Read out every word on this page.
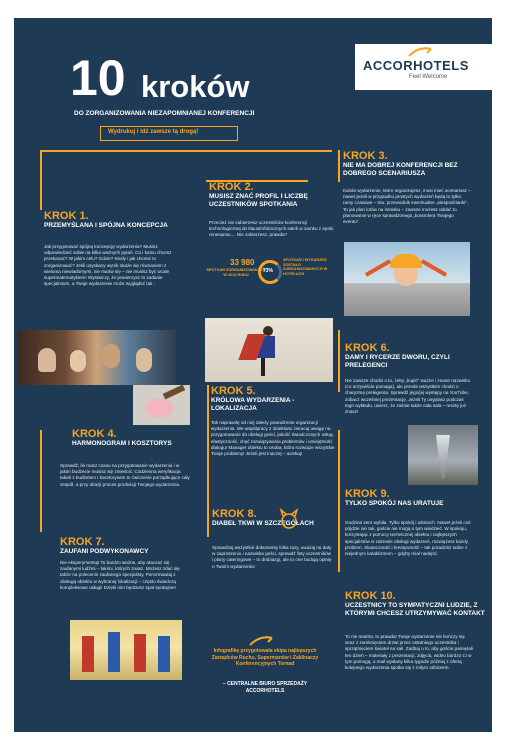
ACCORHOTELS
Feel Welcome
10 kroków
DO ZORGANIZOWANIA NIEZAPOMNIANEJ KONFERENCJI
Wydrukuj i idź zawsze tą drogą!
KROK 1.
PRZEMYŚLANA I SPÓJNA KONCEPCJA
Jak przygotować spójną koncepcję wydarzenia? Musisz odpowiedzieć sobie na kilka ważnych pytań. Co i komu chcesz przekazać? W jakim celu? Gdzie? Kiedy i jak chcesz to zorganizować? Jeśli uzyskany wynik okaże się równaniem z wieloma niewiadomymi, nie martw się – nie musisz być wcale supermatematykiem! Wystarczy, że powierzysz to zadanie specjalistom, a Twoje wydarzenie może wyglądać tak :
KROK 2.
MUSISZ ZNAĆ PROFIL I LICZBĘ UCZESTNIKÓW SPOTKANIA
Przecież nie zabierzesz uczestników konferencji technologicznej do klaustrofobicznych salek w zamku z epoki renesansu.... Nie zabierzesz, prawda?
33 980
SPOTKAŃ ZORGANIZOWANYCH W 2015 ROKU
73%
SPOTKAŃ I WYDARZEŃ ZOSTAŁO ZORGANIZOWANYCH W HOTELACH
KROK 3.
NIE MA DOBREJ KONFERENCJI BEZ DOBREGO SCENARIUSZA
Każde wydarzenie, które organizujesz, musi mieć scenariusz – nawet jeżeli w przypadku prostych wydarzeń będą to tylko ramy czasowe – tzw. przewodnik ewentualne „niespodzianki”. To jak plan lotów na lotnisku – zawsze możesz oddać to planowanie w ręce sprawdzonego „kontrolera Twojego eventu”.
KROK 5.
KRÓLOWA WYDARZENIA - LOKALIZACJA
Tak naprawdę od niej zależy powodzenie organizacji wydarzenia. We współpracy z obiektami zwracaj uwagę na przygotowanie do obsługi gości, jakość świadczonych usług, elastyczność, chęć rozwiązywania problemów i umiejętność dialogu! Manager obiektu to osoba, która rozwiąże wszystkie Twoje problemy! Jeżeli jest inaczej – uciekaj!
KROK 4.
HARMONOGRAM I KOSZTORYS
Sprawdź, ile masz czasu na przygotowanie wydarzenia i w jakim budżecie musisz się zmieścić. Codzienna weryfikacja tabeli z budżetem i kosztorysem to ćwiczenie porządkujące cały zespół, a przy okazji proces produkcji Twojego wydarzenia.
KROK 6.
DAMY I RYCERZE DWORU, CZYLI PRELEGENCI
Nie zawsze chodzi o to, żeby „kupić” ważne i znane nazwisko (co oczywiście pomaga), ale przede wszystkim chodzi o charyzmę prelegenta. Sprawdź jego/jej występy na YouTube, zobacz wcześniej prezentację. Jeżeli Ty usypiasz podczas tego wykładu, uwierz, że zaśnie także cała sala – resztę już znasz!
KROK 7.
ZAUFANI PODWYKONAWCY
Nie eksperymentuj! To bardzo ważne, aby otaczać się zaufanymi ludźmi – takimi, których znasz. Możesz zdać się także na polecenie zaufanego specjalisty. Porozmawiaj z obsługą obiektu w wybranej lokalizacji – często świadczą kompleksowe usługi! Dzięki nim będziesz spał spokojnie!
KROK 8.
DIABEŁ TKWI W SZCZEGÓŁACH
Sprawdzaj wszystkie dokumenty kilka razy, uważaj na daty w zaproszeniu i nazwiska gości, sprawdź listy uczestników i plany cateringowe – to drobiazgi, ale to one budują opinię o Twoim wydarzeniu!
KROK 9.
TYLKO SPOKÓJ NAS URATUJE
Godzina zero wybiła. Tylko spokój i uśmiech. Nawet jeżeli coś pójdzie nie tak, goście nie mogą o tym wiedzieć. W spokoju, korzystając z pomocy technicznej obiektu i najlepszych specjalistów w zakresie obsługi wydarzeń, rozwiążesz każdy problem. Skuteczność i kreatywność – tak poradzisz sobie z niejednym kataklizmem – gdyby miał nadejść.
KROK 10.
UCZESTNICY TO SYMPATYCZNI LUDZIE, Z KTÓRYMI CHCESZ UTRZYMYWAĆ KONTAKT
To nie mantra, to prawda! Twoje wydarzenie nie kończy się wraz z zamknięciem drzwi przez ostatniego uczestnika i sprzątnięciem świateł na sali. Zadbaj o to, aby goście pamiętali ten dzień – materiały z prezentacji, zdjęcia, wideo bardzo Ci w tym pomogą, a mail wysłany kilka tygodni później z ofertą kolejnego wydarzenia spotka się z miłym odbiorem.
Infografikę przygotowała ekipa najlepszych Zarządców Ruchu, Supermanów i Zaklinaczy Konferencyjnych Tornad
– CENTRALNE BIURO SPRZEDAŻY ACCORHOTELS
